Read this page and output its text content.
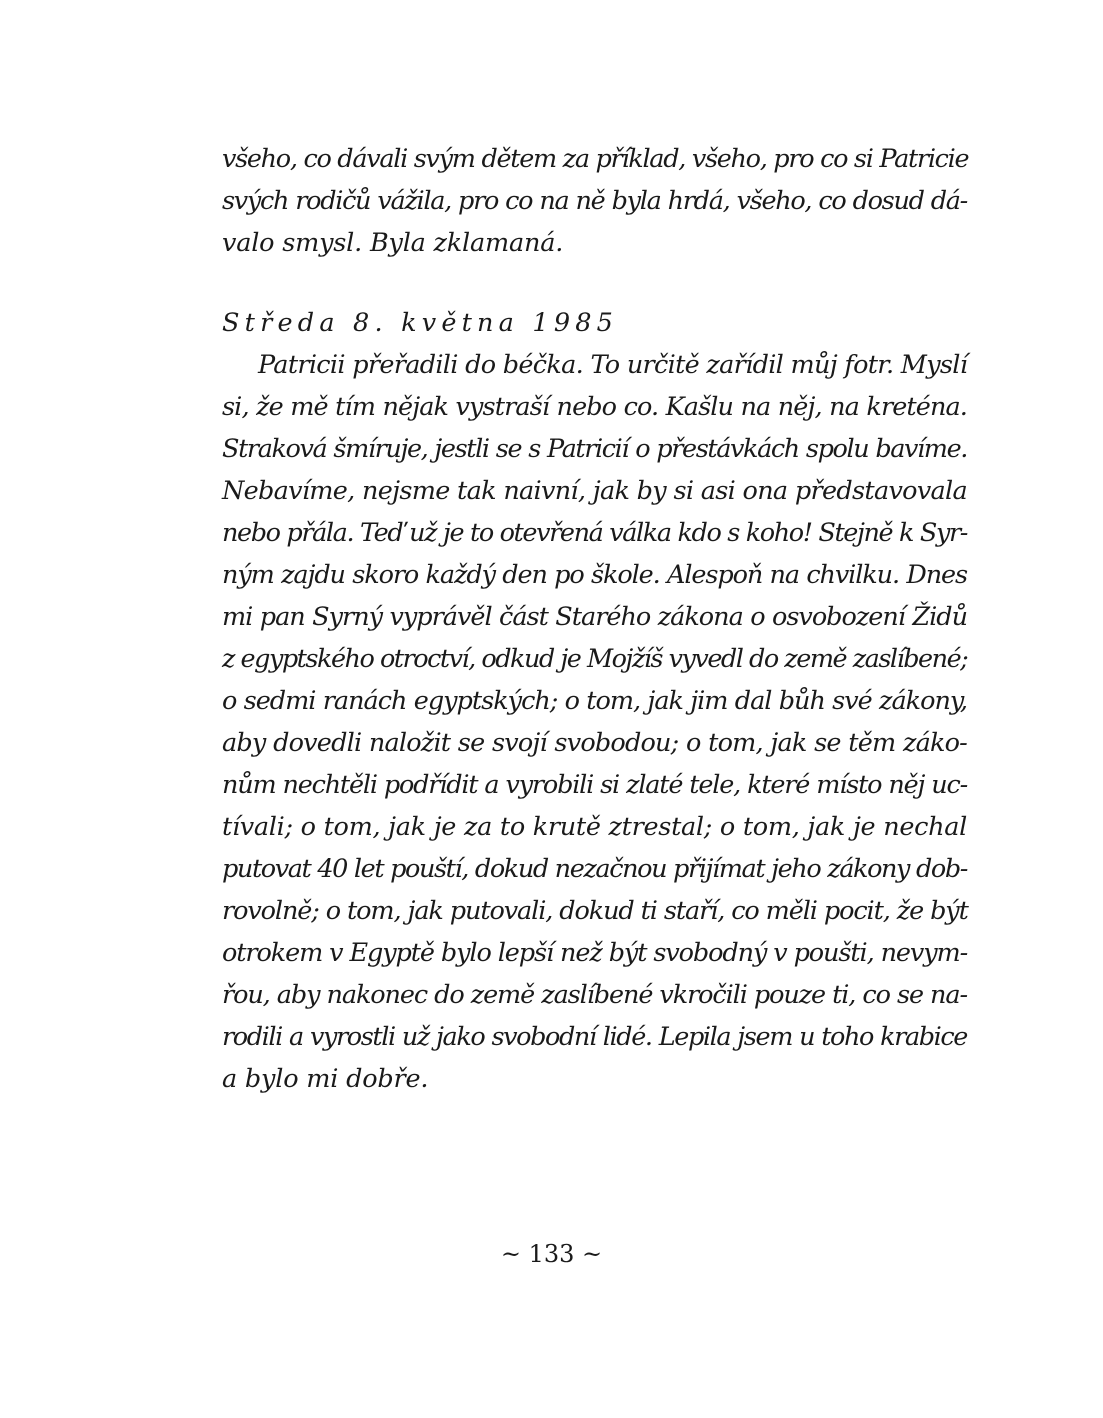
všeho, co dávali svým dětem za příklad, všeho, pro co si Patricie
svých rodičů vážila, pro co na ně byla hrdá, všeho, co dosud dá-
valo smysl. Byla zklamaná.
Středa 8. května 1985
Patricii přeřadili do béčka. To určitě zařídil můj fotr. Myslí
si, že mě tím nějak vystraší nebo co. Kašlu na něj, na kreténa.
Straková šmíruje, jestli se s Patricií o přestávkách spolu bavíme.
Nebavíme, nejsme tak naivní, jak by si asi ona představovala
nebo přála. Teď už je to otevřená válka kdo s koho! Stejně k Syr-
ným zajdu skoro každý den po škole. Alespoň na chvilku. Dnes
mi pan Syrný vyprávěl část Starého zákona o osvobození Židů
z egyptského otroctví, odkud je Mojžíš vyvedl do země zaslíbené;
o sedmi ranách egyptských; o tom, jak jim dal bůh své zákony,
aby dovedli naložit se svojí svobodou; o tom, jak se těm záko-
nům nechtěli podřídit a vyrobili si zlaté tele, které místo něj uc-
tívali; o tom, jak je za to krutě ztrestal; o tom, jak je nechal
putovat 40 let pouští, dokud nezačnou přijímat jeho zákony dob-
rovolně; o tom, jak putovali, dokud ti staří, co měli pocit, že být
otrokem v Egyptě bylo lepší než být svobodný v poušti, nevym-
řou, aby nakonec do země zaslíbené vkročili pouze ti, co se na-
rodili a vyrostli už jako svobodní lidé. Lepila jsem u toho krabice
a bylo mi dobře.
~ 133 ~
